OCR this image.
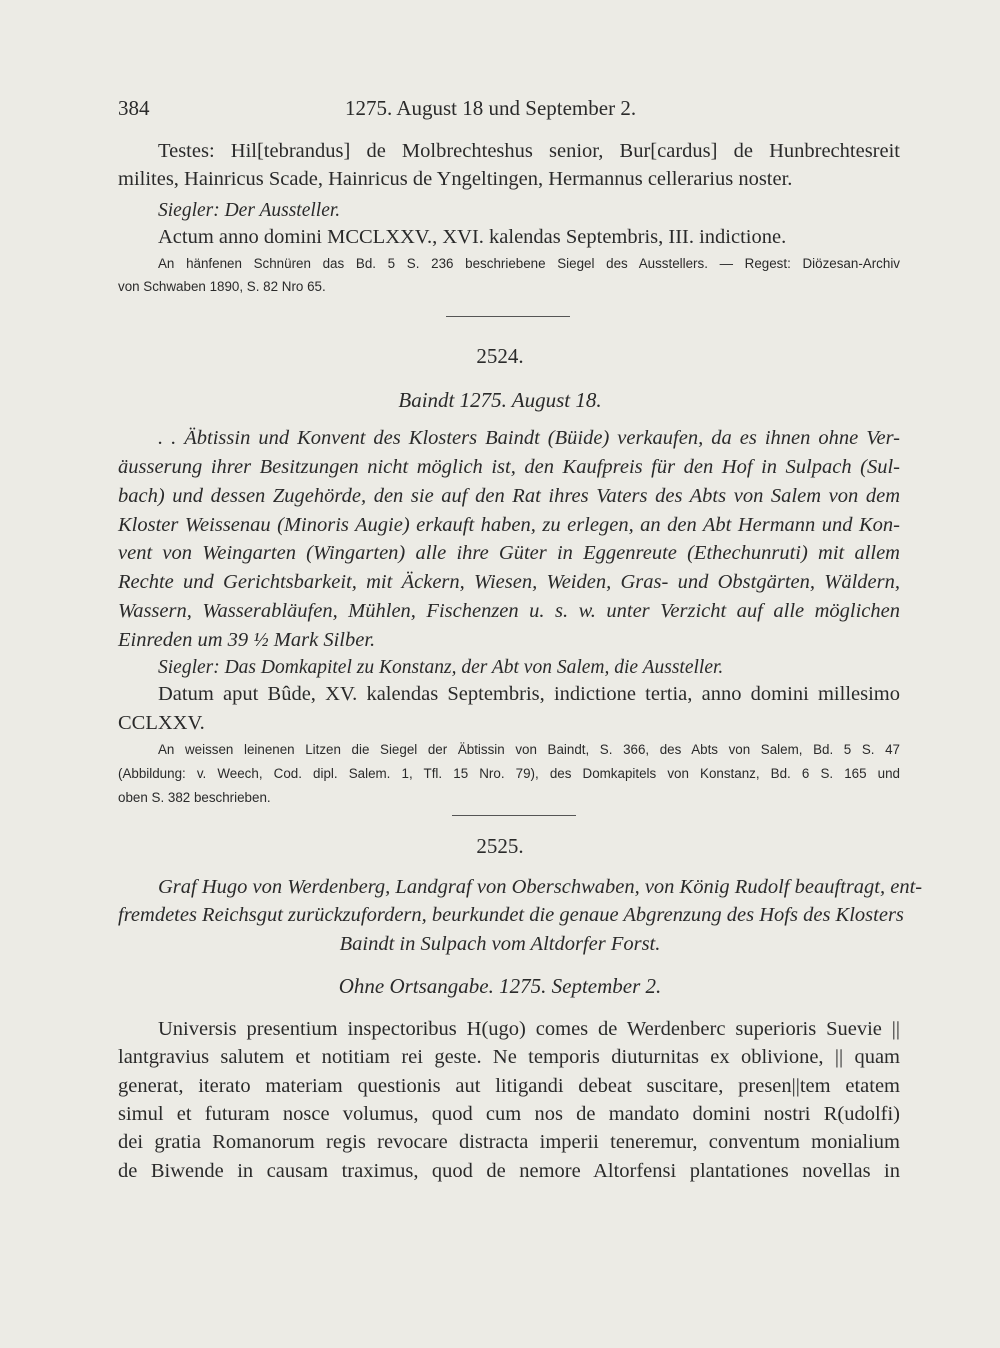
384	1275. August 18 und September 2.
Testes: Hil[tebrandus] de Molbrechteshus senior, Bur[cardus] de Hunbrechtesreit
milites, Hainricus Scade, Hainricus de Yngeltingen, Hermannus cellerarius noster.
Siegler: Der Aussteller.
Actum anno domini MCCLXXV., XVI. kalendas Septembris, III. indictione.
An hänfenen Schnüren das Bd. 5 S. 236 beschriebene Siegel des Ausstellers. — Regest: Diözesan-Archiv
von Schwaben 1890, S. 82 Nro 65.
2524.
Baindt 1275. August 18.
. . Äbtissin und Konvent des Klosters Baindt (Büide) verkaufen, da es ihnen ohne Ver-
äusserung ihrer Besitzungen nicht möglich ist, den Kaufpreis für den Hof in Sulpach (Sul-
bach) und dessen Zugehörde, den sie auf den Rat ihres Vaters des Abts von Salem von dem
Kloster Weissenau (Minoris Augie) erkauft haben, zu erlegen, an den Abt Hermann und Kon-
vent von Weingarten (Wingarten) alle ihre Güter in Eggenreute (Ethechunruti) mit allem
Rechte und Gerichtsbarkeit, mit Äckern, Wiesen, Weiden, Gras- und Obstgärten, Wäldern,
Wassern, Wasserabläufen, Mühlen, Fischenzen u. s. w. unter Verzicht auf alle möglichen
Einreden um 39 ½ Mark Silber.
Siegler: Das Domkapitel zu Konstanz, der Abt von Salem, die Aussteller.
Datum aput Bûde, XV. kalendas Septembris, indictione tertia, anno domini millesimo
CCLXXV.
An weissen leinenen Litzen die Siegel der Äbtissin von Baindt, S. 366, des Abts von Salem, Bd. 5 S. 47
(Abbildung: v. Weech, Cod. dipl. Salem. 1, Tfl. 15 Nro. 79), des Domkapitels von Konstanz, Bd. 6 S. 165 und
oben S. 382 beschrieben.
2525.
Graf Hugo von Werdenberg, Landgraf von Oberschwaben, von König Rudolf beauftragt, ent-
fremdetes Reichsgut zurückzufordern, beurkundet die genaue Abgrenzung des Hofs des Klosters
Baindt in Sulpach vom Altdorfer Forst.
Ohne Ortsangabe. 1275. September 2.
Universis presentium inspectoribus H(ugo) comes de Werdenberc superioris Suevie ||
lantgravius salutem et notitiam rei geste. Ne temporis diuturnitas ex oblivione, || quam
generat, iterato materiam questionis aut litigandi debeat suscitare, presen||tem etatem
simul et futuram nosce volumus, quod cum nos de mandato domini nostri R(udolfi)
dei gratia Romanorum regis revocare distracta imperii teneremur, conventum monialium
de Biwende in causam traximus, quod de nemore Altorfensi plantationes novellas in
